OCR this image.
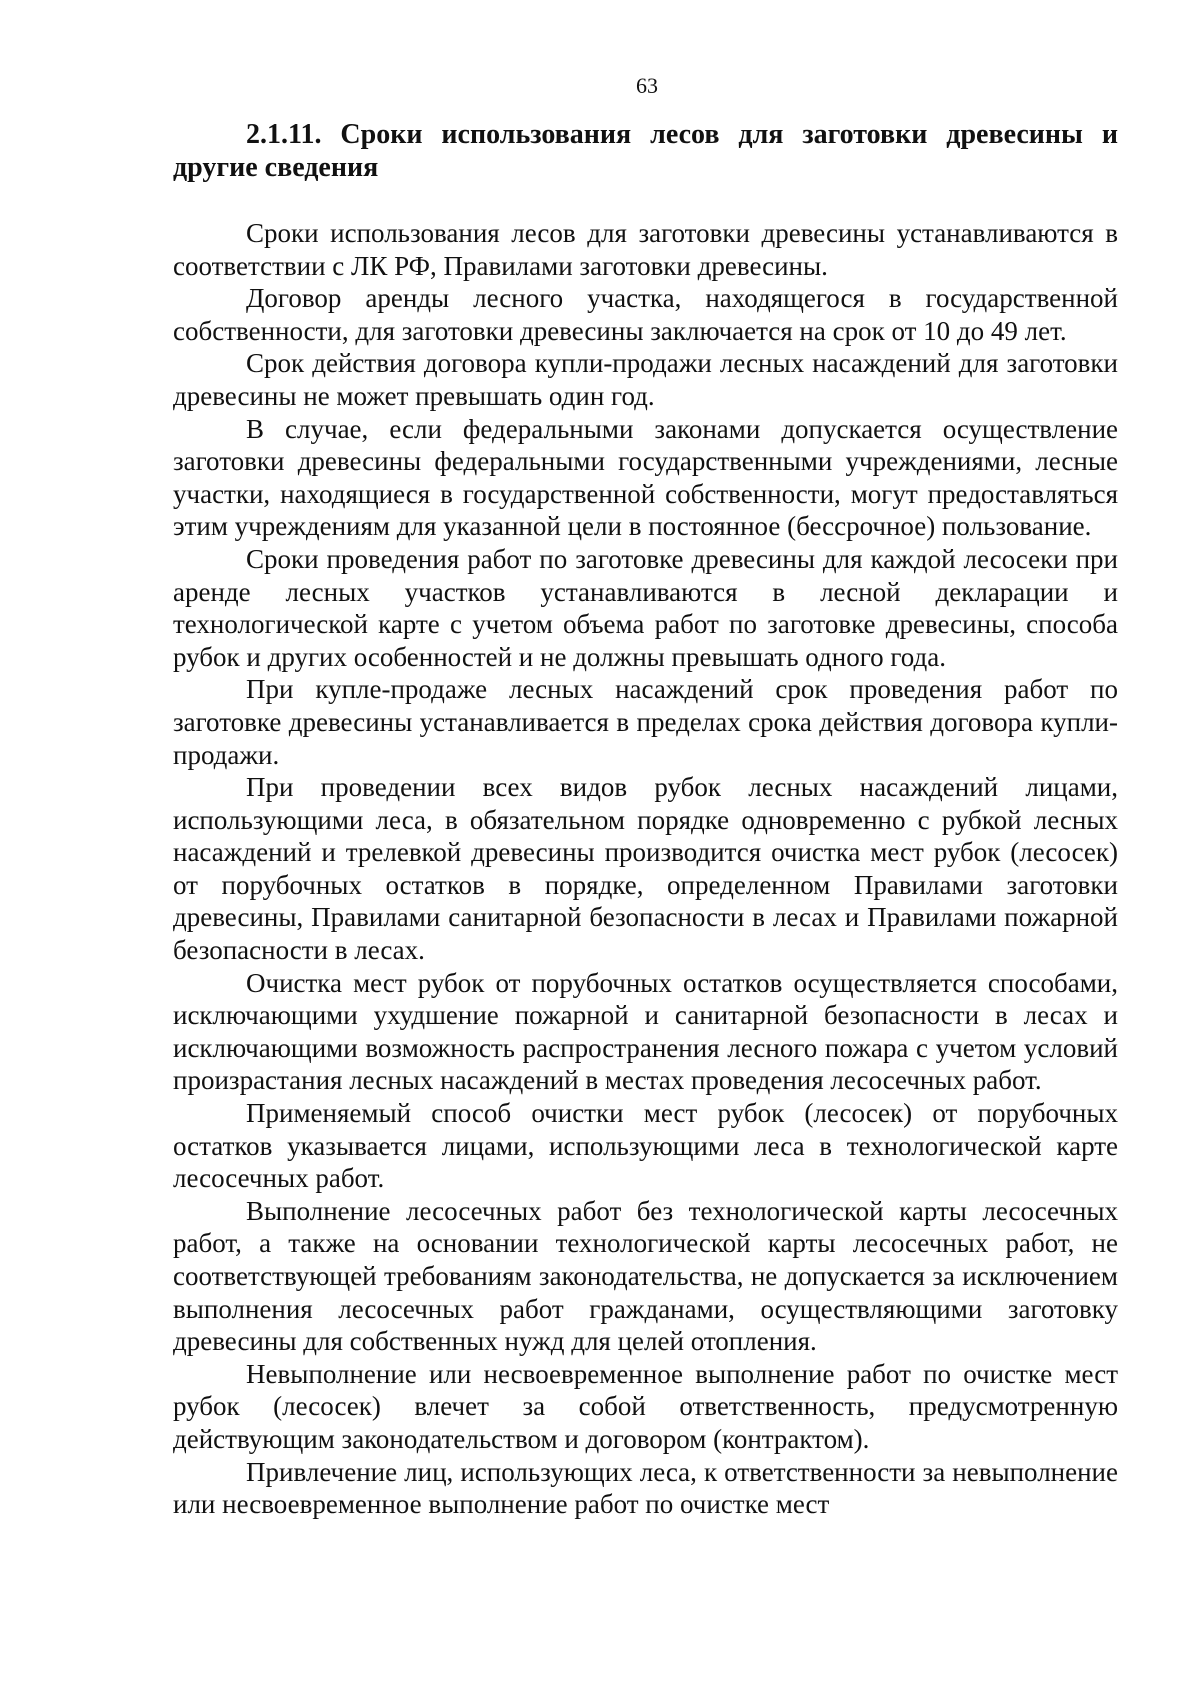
63
2.1.11. Сроки использования лесов для заготовки древесины и другие сведения

Сроки использования лесов для заготовки древесины устанавливаются в соответствии с ЛК РФ, Правилами заготовки древесины.

Договор аренды лесного участка, находящегося в государственной собственности, для заготовки древесины заключается на срок от 10 до 49 лет.

Срок действия договора купли-продажи лесных насаждений для заготовки древесины не может превышать один год.

В случае, если федеральными законами допускается осуществление заготовки древесины федеральными государственными учреждениями, лесные участки, находящиеся в государственной собственности, могут предоставляться этим учреждениям для указанной цели в постоянное (бессрочное) пользование.

Сроки проведения работ по заготовке древесины для каждой лесосеки при аренде лесных участков устанавливаются в лесной декларации и технологической карте с учетом объема работ по заготовке древесины, способа рубок и других особенностей и не должны превышать одного года.

При купле-продаже лесных насаждений срок проведения работ по заготовке древесины устанавливается в пределах срока действия договора купли-продажи.

При проведении всех видов рубок лесных насаждений лицами, использующими леса, в обязательном порядке одновременно с рубкой лесных насаждений и трелевкой древесины производится очистка мест рубок (лесосек) от порубочных остатков в порядке, определенном Правилами заготовки древесины, Правилами санитарной безопасности в лесах и Правилами пожарной безопасности в лесах.

Очистка мест рубок от порубочных остатков осуществляется способами, исключающими ухудшение пожарной и санитарной безопасности в лесах и исключающими возможность распространения лесного пожара с учетом условий произрастания лесных насаждений в местах проведения лесосечных работ.

Применяемый способ очистки мест рубок (лесосек) от порубочных остатков указывается лицами, использующими леса в технологической карте лесосечных работ.

Выполнение лесосечных работ без технологической карты лесосечных работ, а также на основании технологической карты лесосечных работ, не соответствующей требованиям законодательства, не допускается за исключением выполнения лесосечных работ гражданами, осуществляющими заготовку древесины для собственных нужд для целей отопления.

Невыполнение или несвоевременное выполнение работ по очистке мест рубок (лесосек) влечет за собой ответственность, предусмотренную действующим законодательством и договором (контрактом).

Привлечение лиц, использующих леса, к ответственности за невыполнение или несвоевременное выполнение работ по очистке мест
